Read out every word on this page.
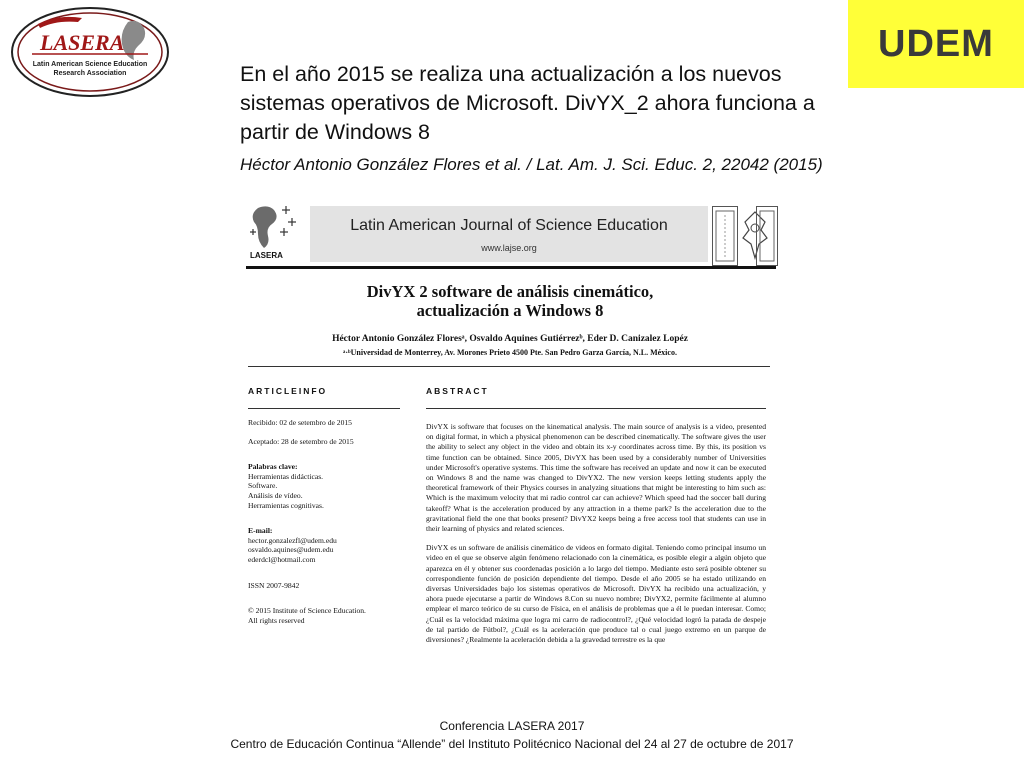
LASERA
Latin American Science Education
Research Association
UDEM
En el año 2015 se realiza una actualización a los nuevos sistemas operativos de Microsoft. DivYX_2 ahora funciona a partir de Windows 8
Héctor Antonio González Flores et al. / Lat. Am. J. Sci. Educ. 2, 22042 (2015)
LASERA
Latin American Journal of Science Education
www.lajse.org
DivYX 2 software de análisis cinemático,
actualización a Windows 8
Héctor Antonio González Floresᵃ, Osvaldo Aquines Gutiérrezᵇ, Eder D. Canizalez Lopéz
ᵃ·ᵇUniversidad de Monterrey, Av. Morones Prieto 4500 Pte. San Pedro Garza García, N.L. México.
ARTICLEINFO	ABSTRACT
Recibido: 02 de setembro de 2015
Aceptado: 28 de setembro de 2015
Palabras clave:
Herramientas didácticas.
Software.
Análisis de vídeo.
Herramientas cognitivas.
E-mail:
hector.gonzalezfl@udem.edu
osvaldo.aquines@udem.edu
ederdcl@hotmail.com
ISSN 2007-9842
© 2015 Institute of Science Education.
All rights reserved

DivYX is software that focuses on the kinematical analysis. The main source of analysis is a video, presented on digital format, in which a physical phenomenon can be described cinematically. The software gives the user the ability to select any object in the video and obtain its x-y coordinates across time. By this, its position vs time function can be obtained. Since 2005, DivYX has been used by a considerably number of Universities under Microsoft's operative systems. This time the software has received an update and now it can be executed on Windows 8 and the name was changed to DivYX2. The new version keeps letting students apply the theoretical framework of their Physics courses in analyzing situations that might be interesting to him such as: Which is the maximum velocity that mi radio control car can achieve? Which speed had the soccer ball during takeoff? What is the acceleration produced by any attraction in a theme park? Is the acceleration due to the gravitational field the one that books present? DivYX2 keeps being a free access tool that students can use in their learning of physics and related sciences.

DivYX es un software de análisis cinemático de videos en formato digital. Teniendo como principal insumo un video en el que se observe algún fenómeno relacionado con la cinemática, es posible elegir a algún objeto que aparezca en él y obtener sus coordenadas posición a lo largo del tiempo. Mediante esto será posible obtener su correspondiente función de posición dependiente del tiempo. Desde el año 2005 se ha estado utilizando en diversas Universidades bajo los sistemas operativos de Microsoft. DivYX ha recibido una actualización, y ahora puede ejecutarse a partir de Windows 8.Con su nuevo nombre; DivYX2, permite fácilmente al alumno emplear el marco teórico de su curso de Física, en el análisis de problemas que a él le puedan interesar. Como; ¿Cuál es la velocidad máxima que logra mi carro de radiocontrol?, ¿Qué velocidad logró la patada de despeje de tal partido de Fútbol?, ¿Cuál es la aceleración que produce tal o cual juego extremo en un parque de diversiones? ¿Realmente la aceleración debida a la gravedad terrestre es la que

Conferencia LASERA 2017
Centro de Educación Continua “Allende” del Instituto Politécnico Nacional del 24 al 27 de octubre de 2017
